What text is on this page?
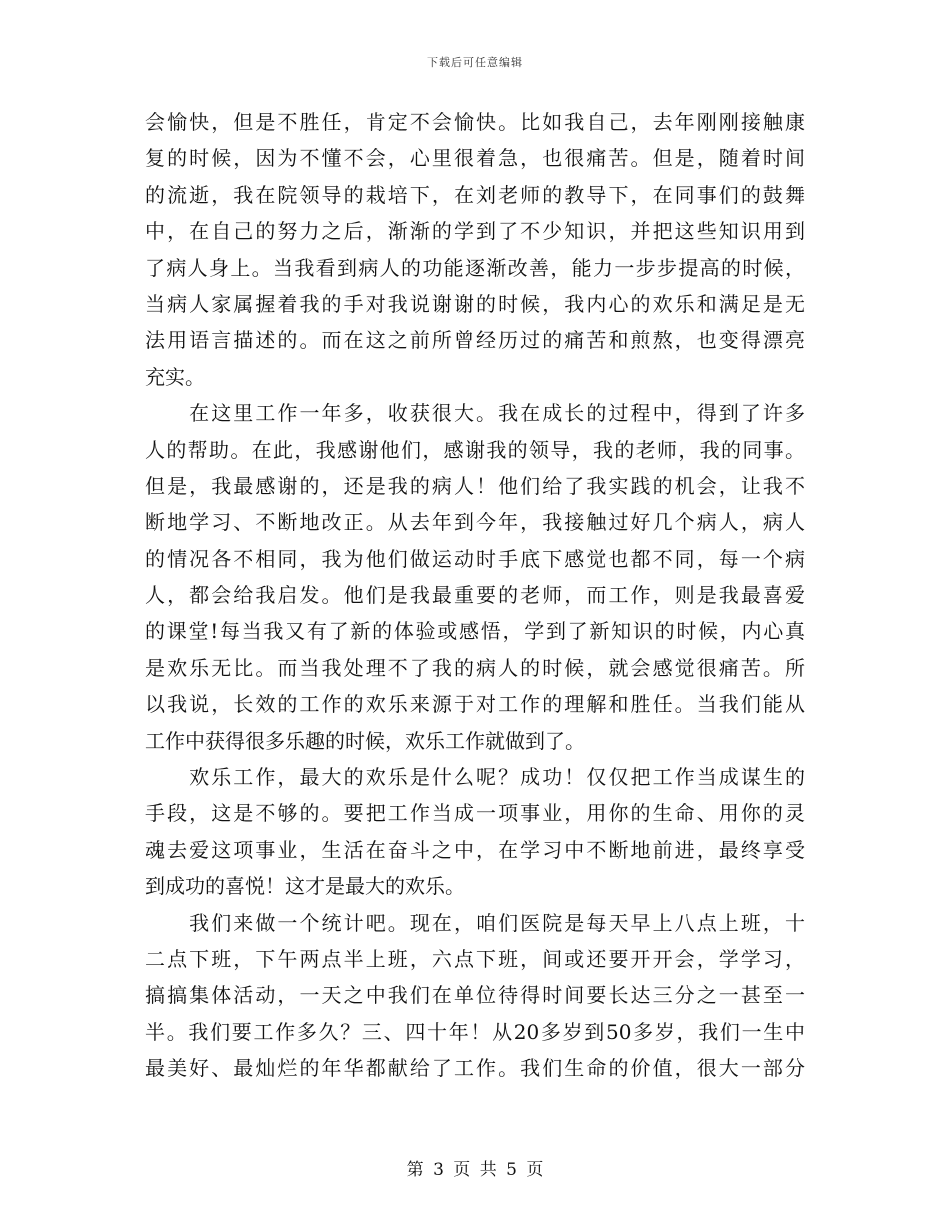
下载后可任意编辑
会愉快，但是不胜任，肯定不会愉快。比如我自己，去年刚刚接触康
复的时候，因为不懂不会，心里很着急，也很痛苦。但是，随着时间
的流逝，我在院领导的栽培下，在刘老师的教导下，在同事们的鼓舞
中，在自己的努力之后，渐渐的学到了不少知识，并把这些知识用到
了病人身上。当我看到病人的功能逐渐改善，能力一步步提高的时候，
当病人家属握着我的手对我说谢谢的时候，我内心的欢乐和满足是无
法用语言描述的。而在这之前所曾经历过的痛苦和煎熬，也变得漂亮
充实。
　　在这里工作一年多，收获很大。我在成长的过程中，得到了许多
人的帮助。在此，我感谢他们，感谢我的领导，我的老师，我的同事。
但是，我最感谢的，还是我的病人！他们给了我实践的机会，让我不
断地学习、不断地改正。从去年到今年，我接触过好几个病人，病人
的情况各不相同，我为他们做运动时手底下感觉也都不同，每一个病
人，都会给我启发。他们是我最重要的老师，而工作，则是我最喜爱
的课堂!每当我又有了新的体验或感悟，学到了新知识的时候，内心真
是欢乐无比。而当我处理不了我的病人的时候，就会感觉很痛苦。所
以我说，长效的工作的欢乐来源于对工作的理解和胜任。当我们能从
工作中获得很多乐趣的时候，欢乐工作就做到了。
　　欢乐工作，最大的欢乐是什么呢？成功！仅仅把工作当成谋生的
手段，这是不够的。要把工作当成一项事业，用你的生命、用你的灵
魂去爱这项事业，生活在奋斗之中，在学习中不断地前进，最终享受
到成功的喜悦！这才是最大的欢乐。
　　我们来做一个统计吧。现在，咱们医院是每天早上八点上班，十
二点下班，下午两点半上班，六点下班，间或还要开开会，学学习，
搞搞集体活动，一天之中我们在单位待得时间要长达三分之一甚至一
半。我们要工作多久？三、四十年！从20多岁到50多岁，我们一生中
最美好、最灿烂的年华都献给了工作。我们生命的价值，很大一部分
第 3 页 共 5 页
